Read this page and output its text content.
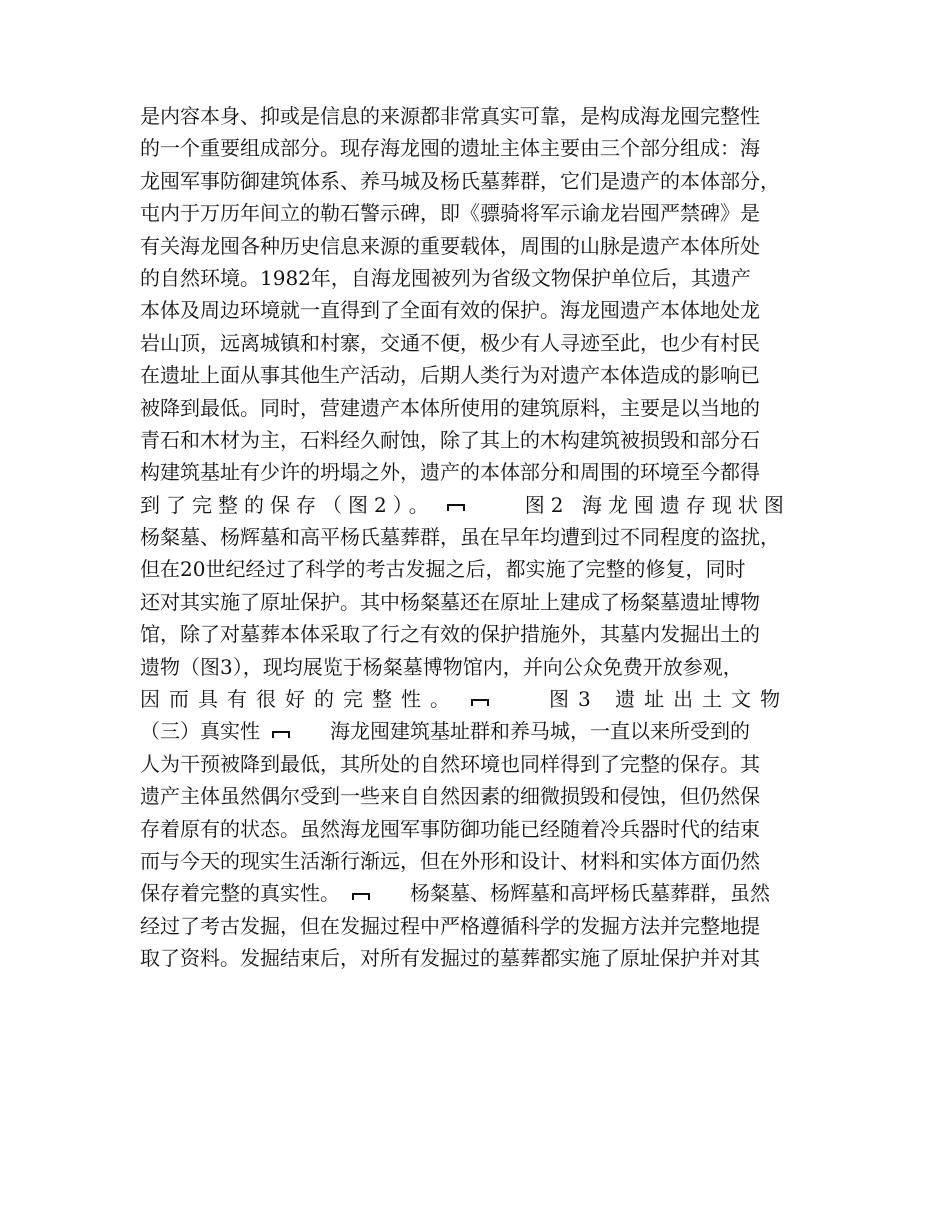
是内容本身、抑或是信息的来源都非常真实可靠，是构成海龙囤完整性
的一个重要组成部分。现存海龙囤的遗址主体主要由三个部分组成：海
龙囤军事防御建筑体系、养马城及杨氏墓葬群，它们是遗产的本体部分，
屯内于万历年间立的勒石警示碑，即《骠骑将军示谕龙岩囤严禁碑》是
有关海龙囤各种历史信息来源的重要载体，周围的山脉是遗产本体所处
的自然环境。1982年，自海龙囤被列为省级文物保护单位后，其遗产
本体及周边环境就一直得到了全面有效的保护。海龙囤遗产本体地处龙
岩山顶，远离城镇和村寨，交通不便，极少有人寻迹至此，也少有村民
在遗址上面从事其他生产活动，后期人类行为对遗产本体造成的影响已
被降到最低。同时，营建遗产本体所使用的建筑原料，主要是以当地的
青石和木材为主，石料经久耐蚀，除了其上的木构建筑被损毁和部分石
构建筑基址有少许的坍塌之外，遗产的本体部分和周围的环境至今都得
到了完整的保存（图2）。	图2 海龙囤遗存现状图
杨粲墓、杨辉墓和高平杨氏墓葬群，虽在早年均遭到过不同程度的盗扰，
但在20世纪经过了科学的考古发掘之后，都实施了完整的修复，同时
还对其实施了原址保护。其中杨粲墓还在原址上建成了杨粲墓遗址博物
馆，除了对墓葬本体采取了行之有效的保护措施外，其墓内发掘出土的
遗物（图3），现均展览于杨粲墓博物馆内，并向公众免费开放参观，
因而具有很好的完整性。	图3 遗址出土文物
（三）真实性	海龙囤建筑基址群和养马城，一直以来所受到的
人为干预被降到最低，其所处的自然环境也同样得到了完整的保存。其
遗产主体虽然偶尔受到一些来自自然因素的细微损毁和侵蚀，但仍然保
存着原有的状态。虽然海龙囤军事防御功能已经随着冷兵器时代的结束
而与今天的现实生活渐行渐远，但在外形和设计、材料和实体方面仍然
保存着完整的真实性。	杨粲墓、杨辉墓和高坪杨氏墓葬群，虽然
经过了考古发掘，但在发掘过程中严格遵循科学的发掘方法并完整地提
取了资料。发掘结束后，对所有发掘过的墓葬都实施了原址保护并对其
